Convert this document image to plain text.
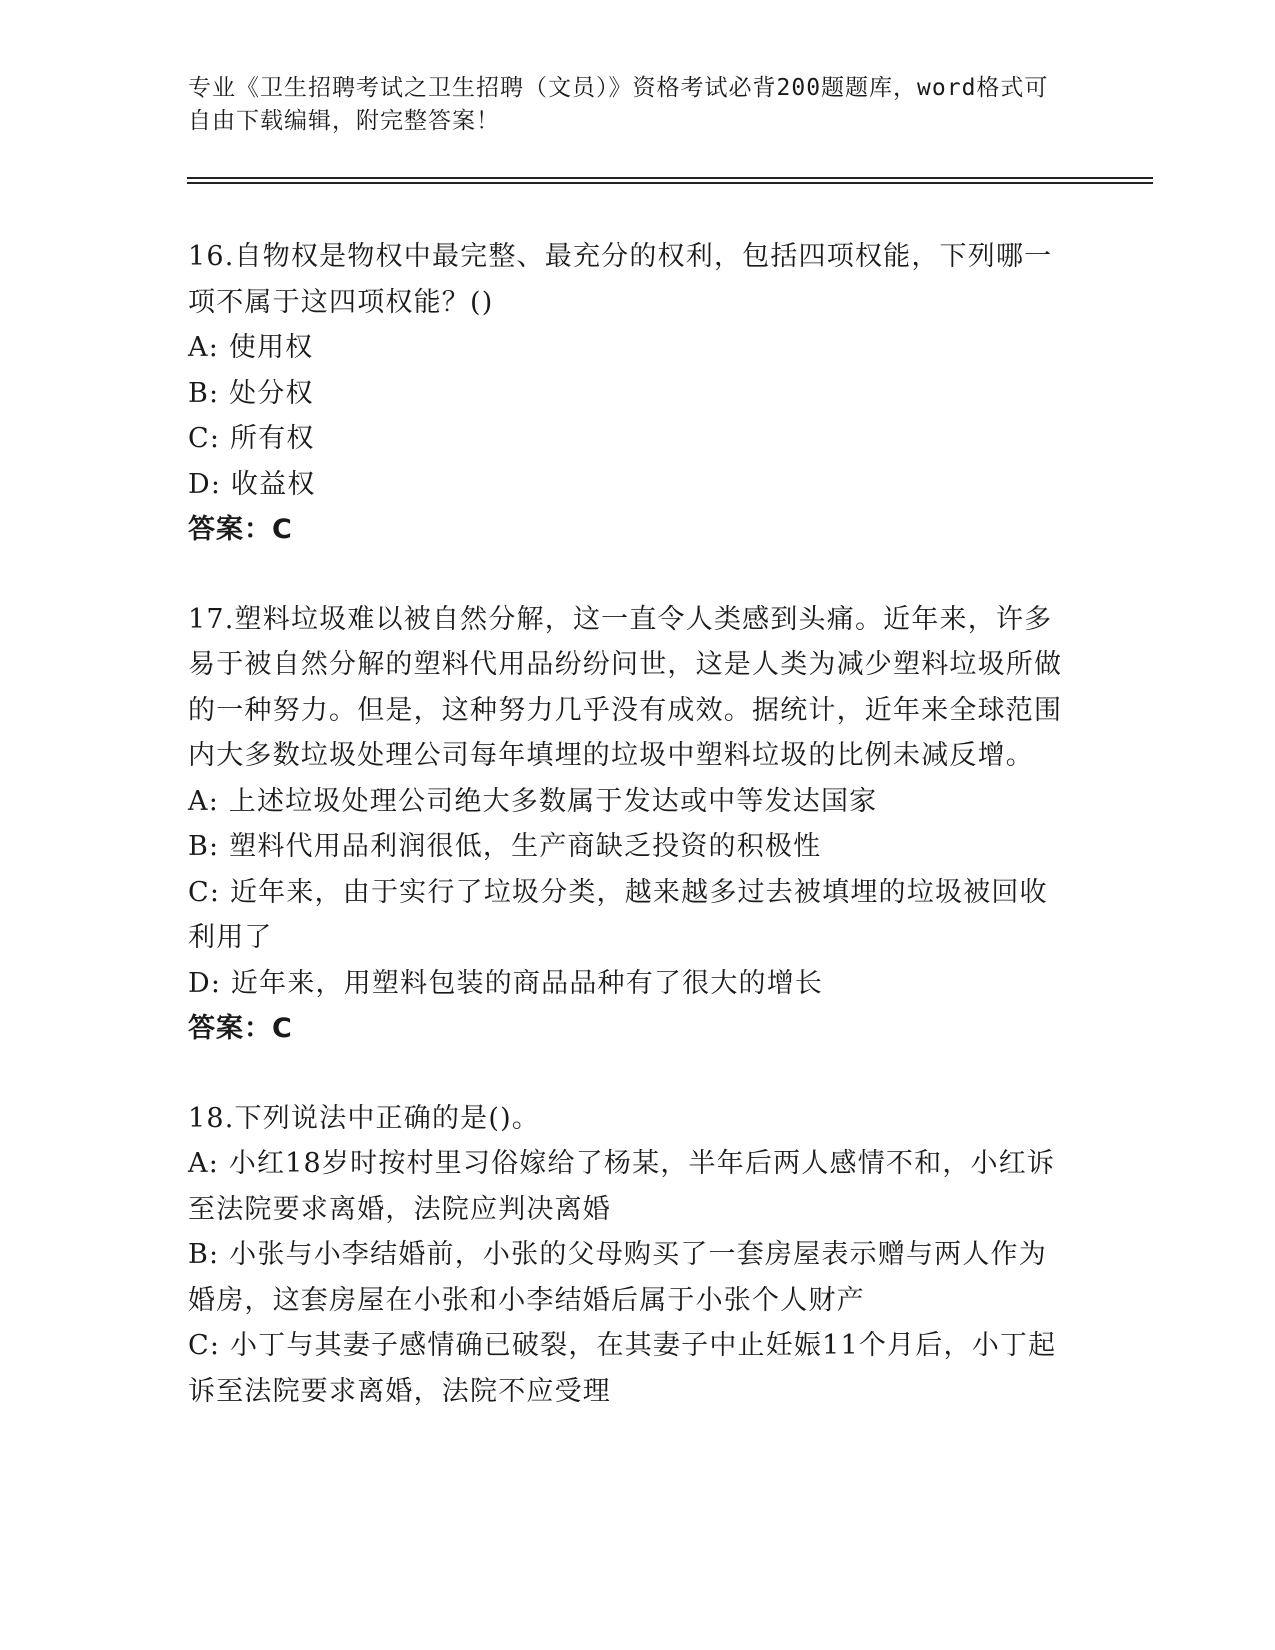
专业《卫生招聘考试之卫生招聘（文员）》资格考试必背200题题库，word格式可自由下载编辑，附完整答案！
16.自物权是物权中最完整、最充分的权利，包括四项权能，下列哪一项不属于这四项权能？()
A: 使用权
B: 处分权
C: 所有权
D: 收益权
答案：C
17.塑料垃圾难以被自然分解，这一直令人类感到头痛。近年来，许多易于被自然分解的塑料代用品纷纷问世，这是人类为减少塑料垃圾所做的一种努力。但是，这种努力几乎没有成效。据统计，近年来全球范围内大多数垃圾处理公司每年填埋的垃圾中塑料垃圾的比例未减反增。
A: 上述垃圾处理公司绝大多数属于发达或中等发达国家
B: 塑料代用品利润很低，生产商缺乏投资的积极性
C: 近年来，由于实行了垃圾分类，越来越多过去被填埋的垃圾被回收利用了
D: 近年来，用塑料包装的商品品种有了很大的增长
答案：C
18.下列说法中正确的是()。
A: 小红18岁时按村里习俗嫁给了杨某，半年后两人感情不和，小红诉至法院要求离婚，法院应判决离婚
B: 小张与小李结婚前，小张的父母购买了一套房屋表示赠与两人作为婚房，这套房屋在小张和小李结婚后属于小张个人财产
C: 小丁与其妻子感情确已破裂，在其妻子中止妊娠11个月后，小丁起诉至法院要求离婚，法院不应受理
